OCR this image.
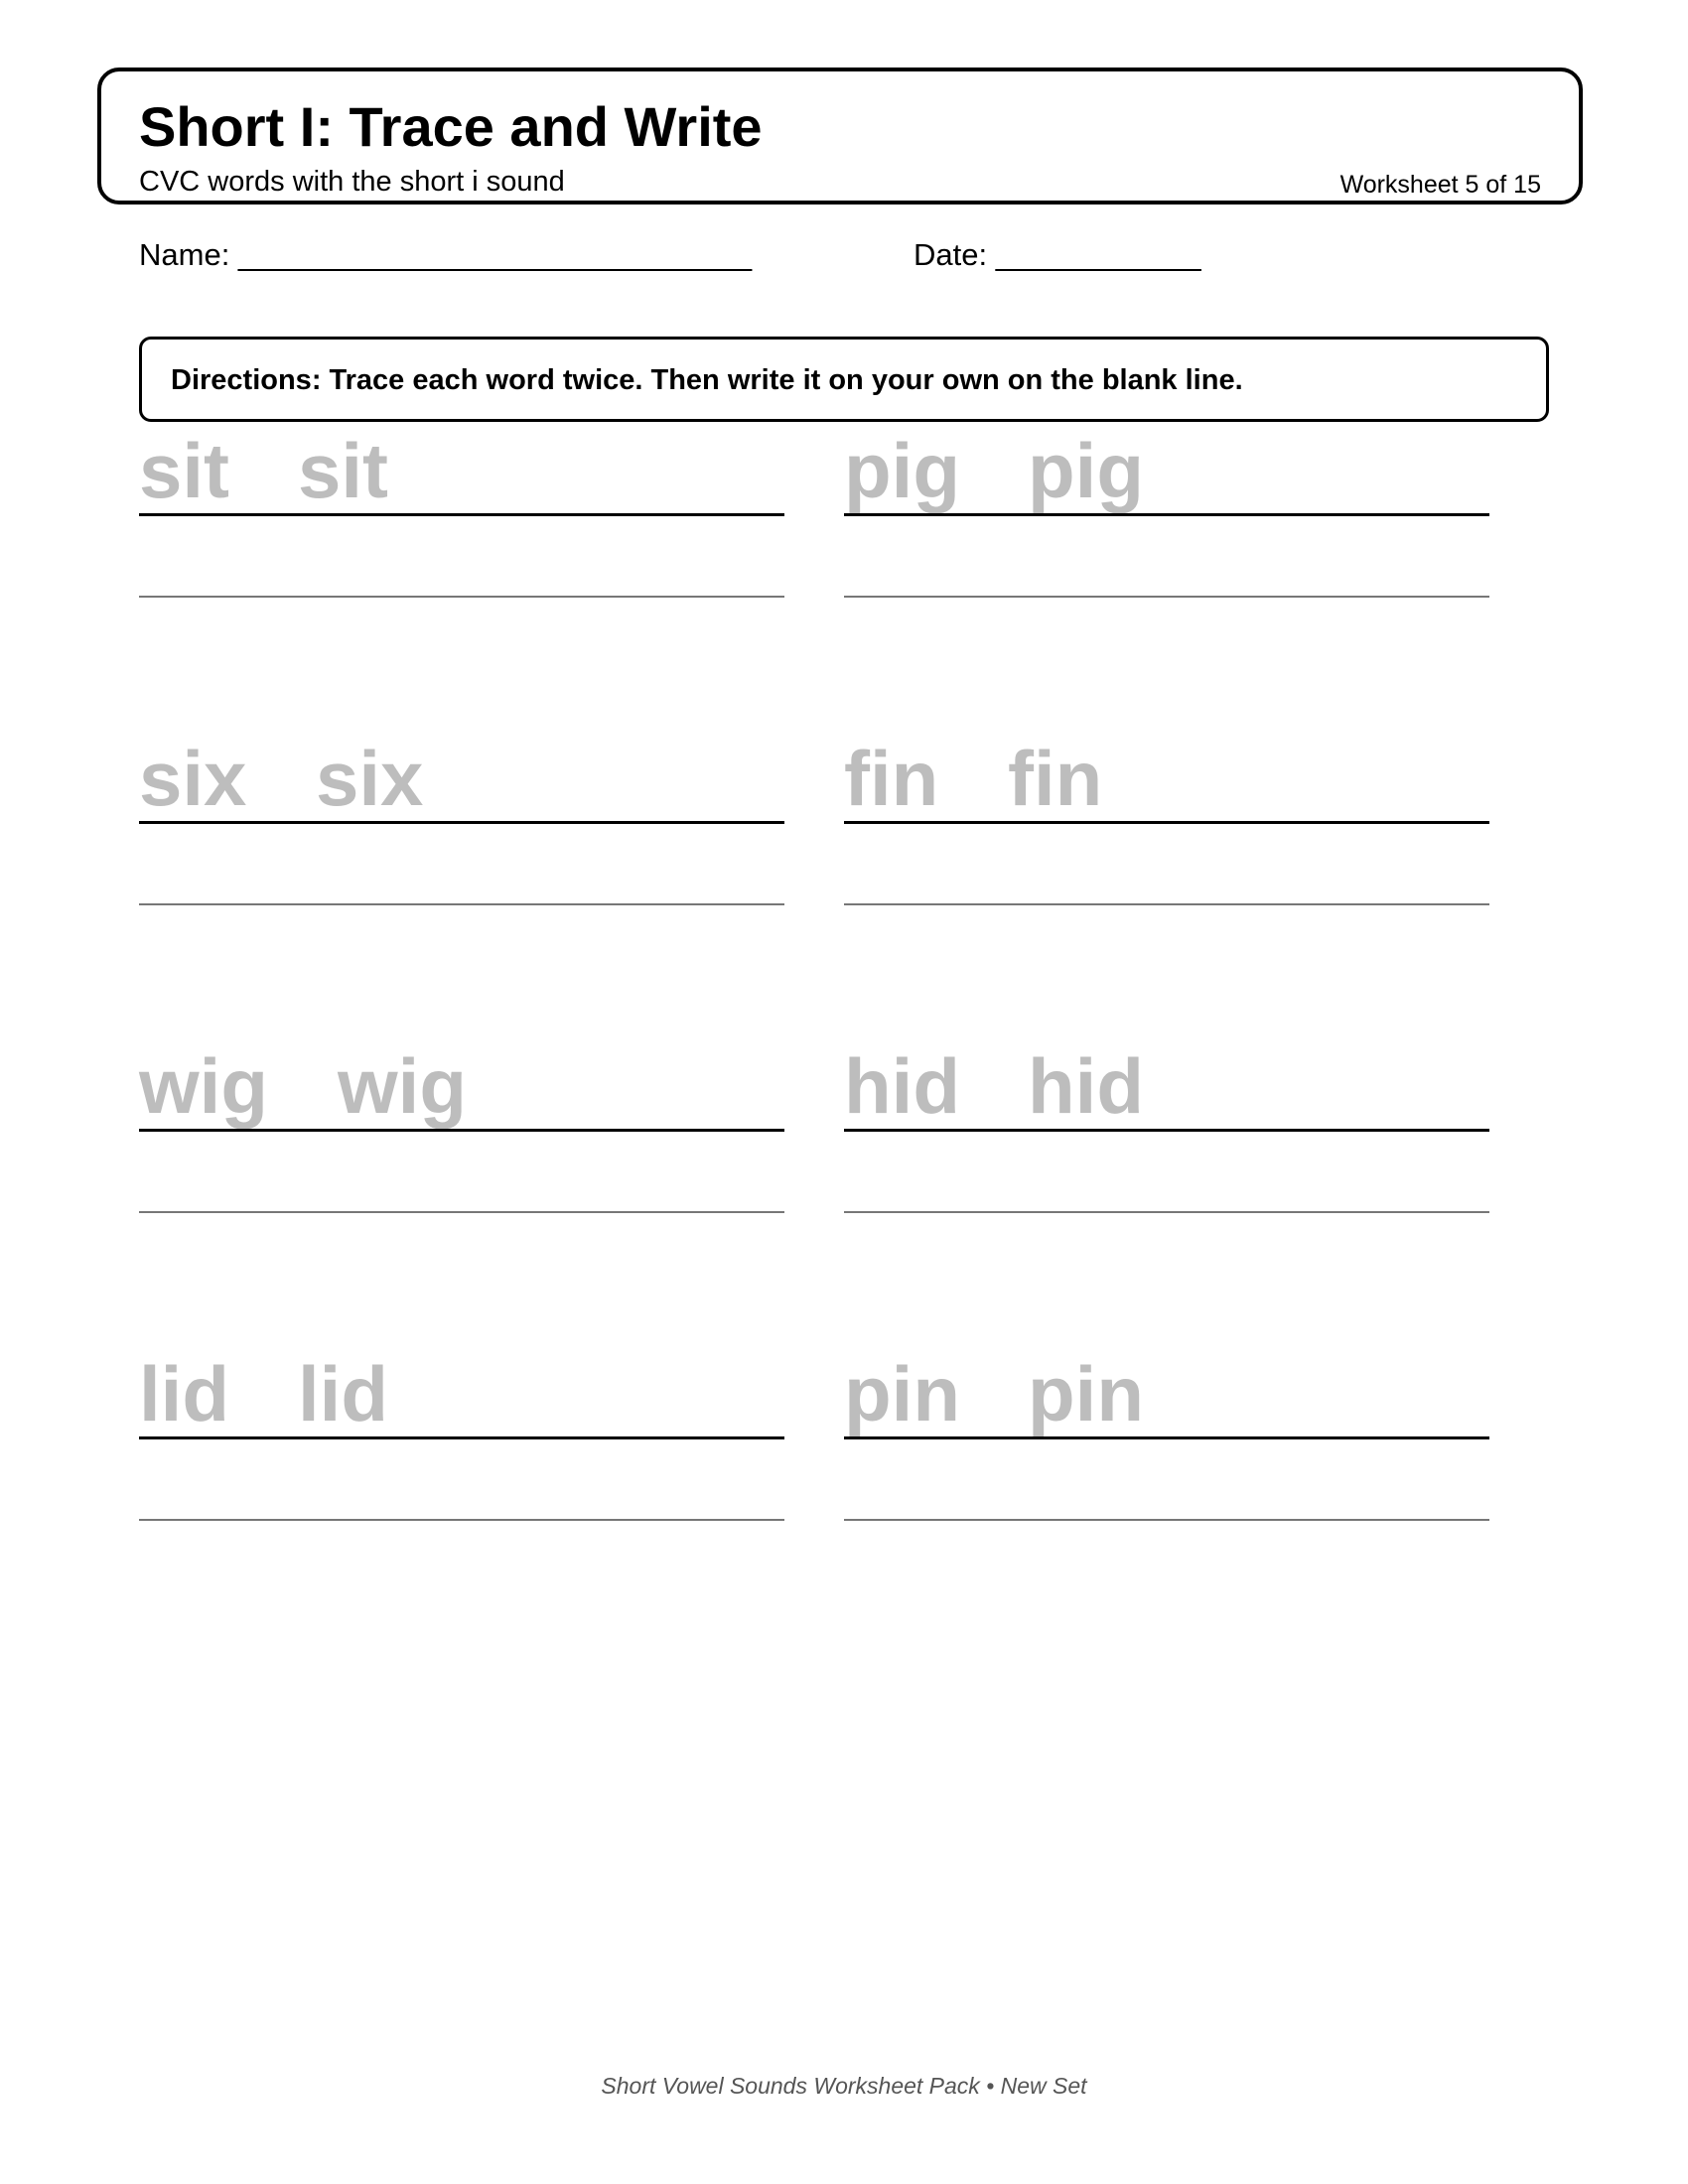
Short I: Trace and Write
CVC words with the short i sound	Worksheet 5 of 15
Name: ______________________________	Date: ____________
Directions: Trace each word twice. Then write it on your own on the blank line.
sit sit	pig pig
six six	fin fin
wig wig	hid hid
lid lid	pin pin
Short Vowel Sounds Worksheet Pack • New Set
